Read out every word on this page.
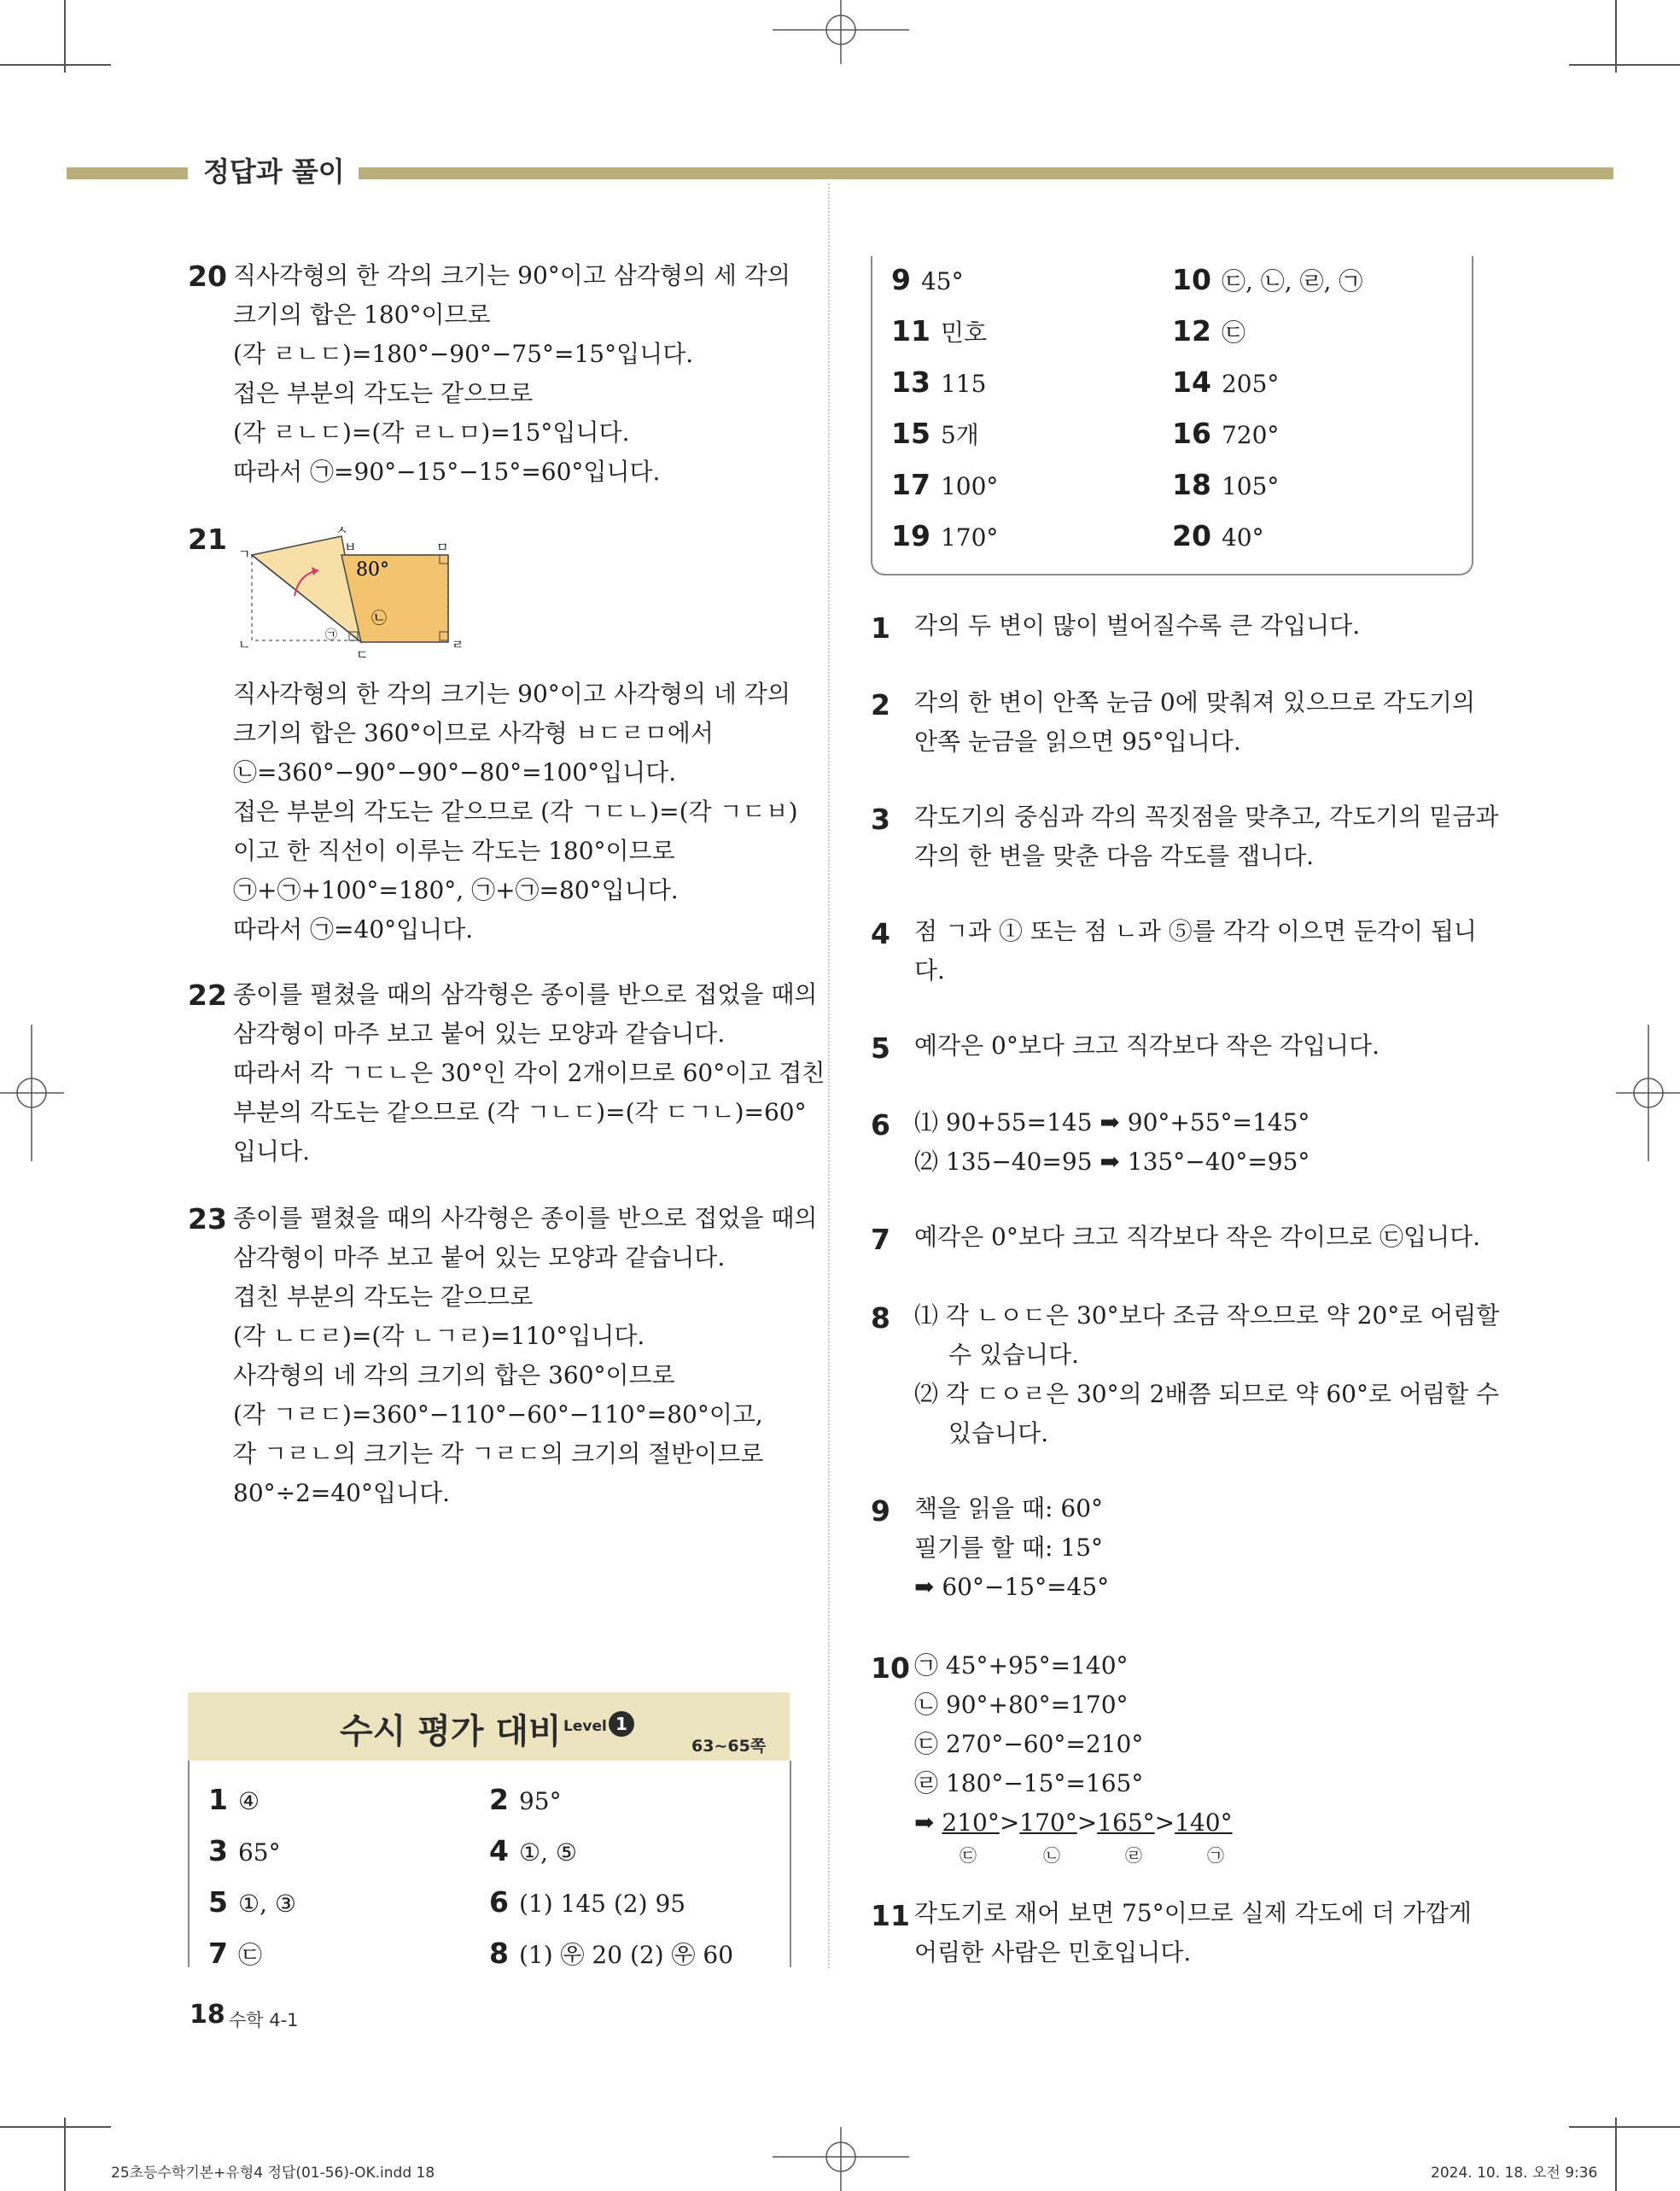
정답과 풀이
20 직사각형의 한 각의 크기는 90°이고 삼각형의 세 각의
크기의 합은 180°이므로
(각 ㄹㄴㄷ)=180°−90°−75°=15°입니다.
접은 부분의 각도는 같으므로
(각 ㄹㄴㄷ)=(각 ㄹㄴㅁ)=15°입니다.
따라서 ㉠=90°−15°−15°=60°입니다.
21 ㄱ
ㅅ
ㅂ	ㅁ
ㄴ
ㄷ
ㄹ
80°
㉡
㉠
직사각형의 한 각의 크기는 90°이고 사각형의 네 각의
크기의 합은 360°이므로 사각형 ㅂㄷㄹㅁ에서
㉡=360°−90°−90°−80°=100°입니다.
접은 부분의 각도는 같으므로 (각 ㄱㄷㄴ)=(각 ㄱㄷㅂ)
이고 한 직선이 이루는 각도는 180°이므로
㉠+㉠+100°=180°, ㉠+㉠=80°입니다.
따라서 ㉠=40°입니다.
22 종이를 펼쳤을 때의 삼각형은 종이를 반으로 접었을 때의
삼각형이 마주 보고 붙어 있는 모양과 같습니다.
따라서 각 ㄱㄷㄴ은 30°인 각이 2개이므로 60°이고 겹친
부분의 각도는 같으므로 (각 ㄱㄴㄷ)=(각 ㄷㄱㄴ)=60°
입니다.
23 종이를 펼쳤을 때의 사각형은 종이를 반으로 접었을 때의
삼각형이 마주 보고 붙어 있는 모양과 같습니다.
겹친 부분의 각도는 같으므로
(각 ㄴㄷㄹ)=(각 ㄴㄱㄹ)=110°입니다.
사각형의 네 각의 크기의 합은 360°이므로
(각 ㄱㄹㄷ)=360°−110°−60°−110°=80°이고,
각 ㄱㄹㄴ의 크기는 각 ㄱㄹㄷ의 크기의 절반이므로
80°÷2=40°입니다.
수시 평가 대비 Level 1
63~65쪽
1 ④	2 95°
3 65°	4 ①, ⑤
5 ①, ③	6 (1) 145 (2) 95
7 ㉢	8 (1) ㉾ 20 (2) ㉾ 60
9 45°	10 ㉢, ㉡, ㉣, ㉠
11 민호	12 ㉢
13 115	14 205°
15 5개	16 720°
17 100°	18 105°
19 170°	20 40°
1 각의 두 변이 많이 벌어질수록 큰 각입니다.
2 각의 한 변이 안쪽 눈금 0에 맞춰져 있으므로 각도기의
안쪽 눈금을 읽으면 95°입니다.
3 각도기의 중심과 각의 꼭짓점을 맞추고, 각도기의 밑금과
각의 한 변을 맞춘 다음 각도를 잽니다.
4 점 ㄱ과 ① 또는 점 ㄴ과 ⑤를 각각 이으면 둔각이 됩니
다.
5 예각은 0°보다 크고 직각보다 작은 각입니다.
6 ⑴ 90+55=145 ➡ 90°+55°=145°
⑵ 135−40=95 ➡ 135°−40°=95°
7 예각은 0°보다 크고 직각보다 작은 각이므로 ㉢입니다.
8 ⑴ 각 ㄴㅇㄷ은 30°보다 조금 작으므로 약 20°로 어림할
수 있습니다.
⑵ 각 ㄷㅇㄹ은 30°의 2배쯤 되므로 약 60°로 어림할 수
있습니다.
9 책을 읽을 때: 60°
필기를 할 때: 15°
➡ 60°−15°=45°
10 ㉠ 45°+95°=140°
㉡ 90°+80°=170°
㉢ 270°−60°=210°
㉣ 180°−15°=165°
➡ 210°>170°>165°>140°
㉢	㉡	㉣	㉠
11 각도기로 재어 보면 75°이므로 실제 각도에 더 가깝게
어림한 사람은 민호입니다.
18 수학 4-1
25초등수학기본+유형4 정답(01-56)-OK.indd 18	2024. 10. 18. 오전 9:36
